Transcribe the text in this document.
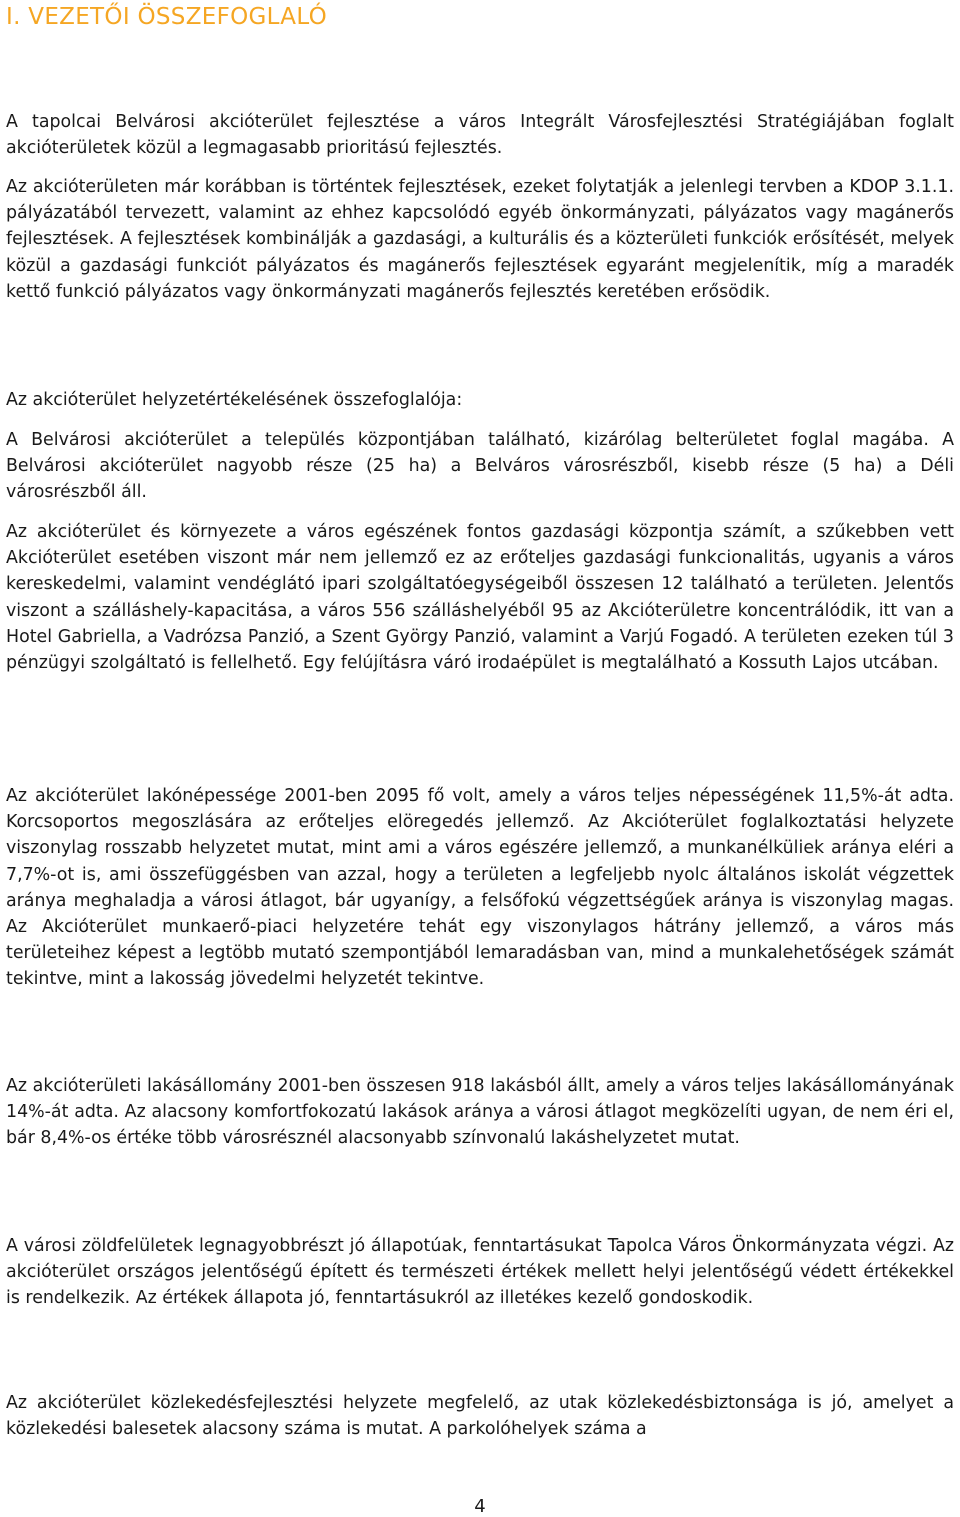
I. VEZETŐI ÖSSZEFOGLALÓ

A tapolcai Belvárosi akcióterület fejlesztése a város Integrált Városfejlesztési Stratégiájában foglalt akcióterületek közül a legmagasabb prioritású fejlesztés.

Az akcióterületen már korábban is történtek fejlesztések, ezeket folytatják a jelenlegi tervben a KDOP 3.1.1. pályázatából tervezett, valamint az ehhez kapcsolódó egyéb önkormányzati, pályázatos vagy magánerős fejlesztések. A fejlesztések kombinálják a gazdasági, a kulturális és a közterületi funkciók erősítését, melyek közül a gazdasági funkciót pályázatos és magánerős fejlesztések egyaránt megjelenítik, míg a maradék kettő funkció pályázatos vagy önkormányzati magánerős fejlesztés keretében erősödik.

Az akcióterület helyzetértékelésének összefoglalója:

A Belvárosi akcióterület a település központjában található, kizárólag belterületet foglal magába. A Belvárosi akcióterület nagyobb része (25 ha) a Belváros városrészből, kisebb része (5 ha) a Déli városrészből áll.

Az akcióterület és környezete a város egészének fontos gazdasági központja számít, a szűkebben vett Akcióterület esetében viszont már nem jellemző ez az erőteljes gazdasági funkcionalitás, ugyanis a város kereskedelmi, valamint vendéglátó ipari szolgáltatóegységeiből összesen 12 található a területen. Jelentős viszont a szálláshely-kapacitása, a város 556 szálláshelyéből 95 az Akcióterületre koncentrálódik, itt van a Hotel Gabriella, a Vadrózsa Panzió, a Szent György Panzió, valamint a Varjú Fogadó. A területen ezeken túl 3 pénzügyi szolgáltató is fellelhető. Egy felújításra váró irodaépület is megtalálható a Kossuth Lajos utcában.

Az akcióterület lakónépessége 2001-ben 2095 fő volt, amely a város teljes népességének 11,5%-át adta. Korcsoportos megoszlására az erőteljes elöregedés jellemző. Az Akcióterület foglalkoztatási helyzete viszonylag rosszabb helyzetet mutat, mint ami a város egészére jellemző, a munkanélküliek aránya eléri a 7,7%-ot is, ami összefüggésben van azzal, hogy a területen a legfeljebb nyolc általános iskolát végzettek aránya meghaladja a városi átlagot, bár ugyanígy, a felsőfokú végzettségűek aránya is viszonylag magas. Az Akcióterület munkaerő-piaci helyzetére tehát egy viszonylagos hátrány jellemző, a város más területeihez képest a legtöbb mutató szempontjából lemaradásban van, mind a munkalehetőségek számát tekintve, mint a lakosság jövedelmi helyzetét tekintve.

Az akcióterületi lakásállomány 2001-ben összesen 918 lakásból állt, amely a város teljes lakásállományának 14%-át adta. Az alacsony komfortfokozatú lakások aránya a városi átlagot megközelíti ugyan, de nem éri el, bár 8,4%-os értéke több városrésznél alacsonyabb színvonalú lakáshelyzetet mutat.

A városi zöldfelületek legnagyobbrészt jó állapotúak, fenntartásukat Tapolca Város Önkormányzata végzi. Az akcióterület országos jelentőségű épített és természeti értékek mellett helyi jelentőségű védett értékekkel is rendelkezik. Az értékek állapota jó, fenntartásukról az illetékes kezelő gondoskodik.

Az akcióterület közlekedésfejlesztési helyzete megfelelő, az utak közlekedésbiztonsága is jó, amelyet a közlekedési balesetek alacsony száma is mutat. A parkolóhelyek száma a

4
